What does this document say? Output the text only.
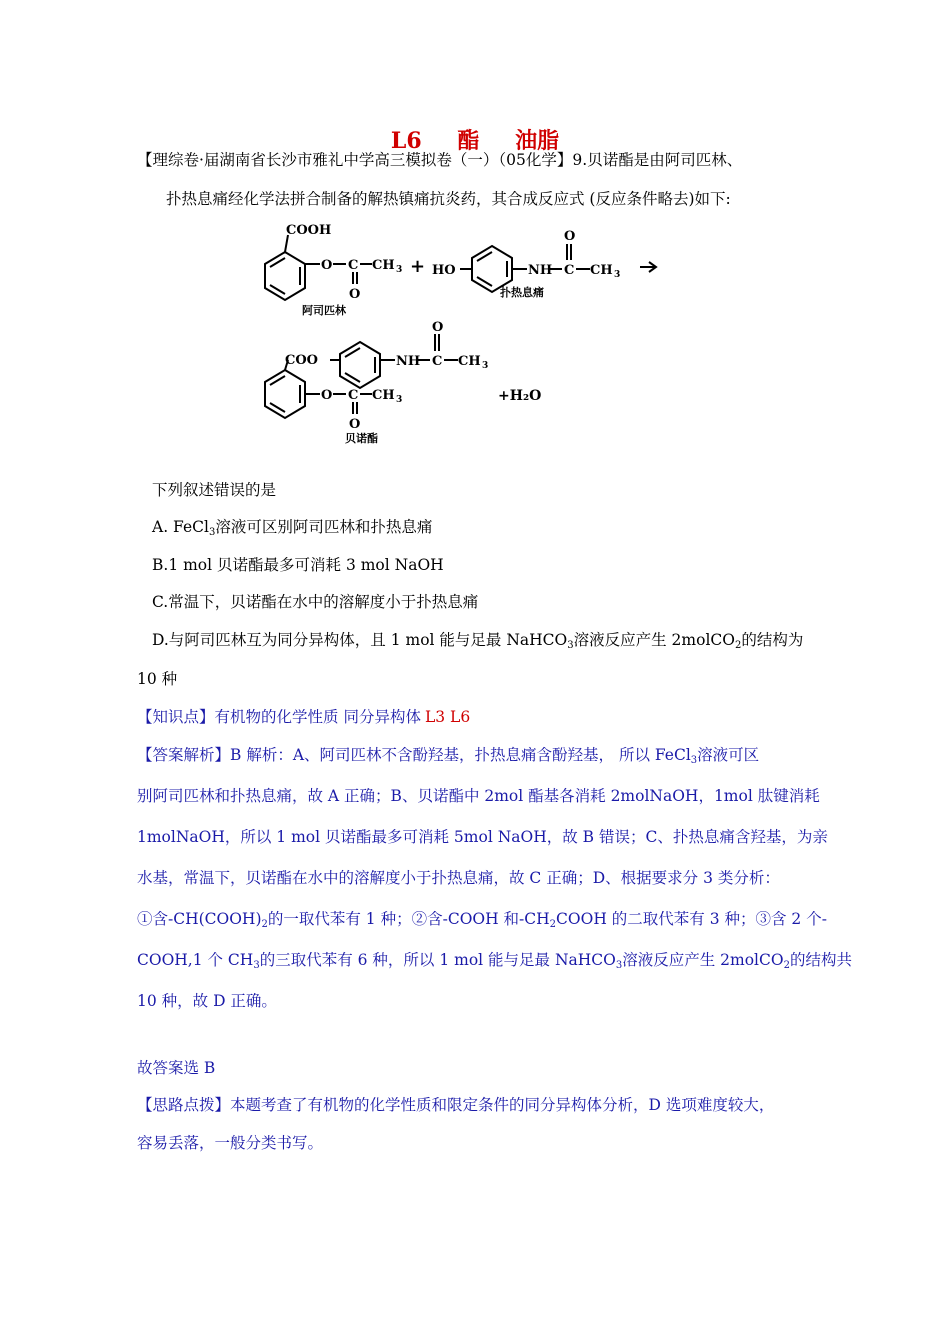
L6 酯 油脂
【理综卷·届湖南省长沙市雅礼中学高三模拟卷（一）（05化学】9.贝诺酯是由阿司匹林、
扑热息痛经化学法拼合制备的解热镇痛抗炎药，其合成反应式 (反应条件略去)如下:
COOH
O C CH 3
O
阿司匹林
+ HO	NH C CH 3
O
扑热息痛
COO	NH C CH 3
O
O C CH 3
O
贝诺酯
+H₂O
下列叙述错误的是
A. FeCl$_3$溶液可区别阿司匹林和扑热息痛
B.1 mol 贝诺酯最多可消耗 3 mol NaOH
C.常温下，贝诺酯在水中的溶解度小于扑热息痛
D.与阿司匹林互为同分异构体，且 1 mol 能与足最 NaHCO$_3$溶液反应产生 2molCO$_2$的结构为
10 种
【知识点】有机物的化学性质 同分异构体 L3 L6
【答案解析】B 解析：A、阿司匹林不含酚羟基，扑热息痛含酚羟基， 所以 FeCl$_3$溶液可区
别阿司匹林和扑热息痛，故 A 正确；B、贝诺酯中 2mol 酯基各消耗 2molNaOH，1mol 肽键消耗
1molNaOH，所以 1 mol 贝诺酯最多可消耗 5mol NaOH，故 B 错误；C、扑热息痛含羟基，为亲
水基，常温下，贝诺酯在水中的溶解度小于扑热息痛，故 C 正确；D、根据要求分 3 类分析：
①含$-CH(COOH)_2$的一取代苯有 1 种；②含-COOH 和$-CH_2COOH$ 的二取代苯有 3 种；③含 2 个-
COOH,1 个 $CH_3$的三取代苯有 6 种，所以 1 mol 能与足最 NaHCO$_3$溶液反应产生 2molCO$_2$的结构共
10 种，故 D 正确。
故答案选 B
【思路点拨】本题考查了有机物的化学性质和限定条件的同分异构体分析，D 选项难度较大，
容易丢落，一般分类书写。
